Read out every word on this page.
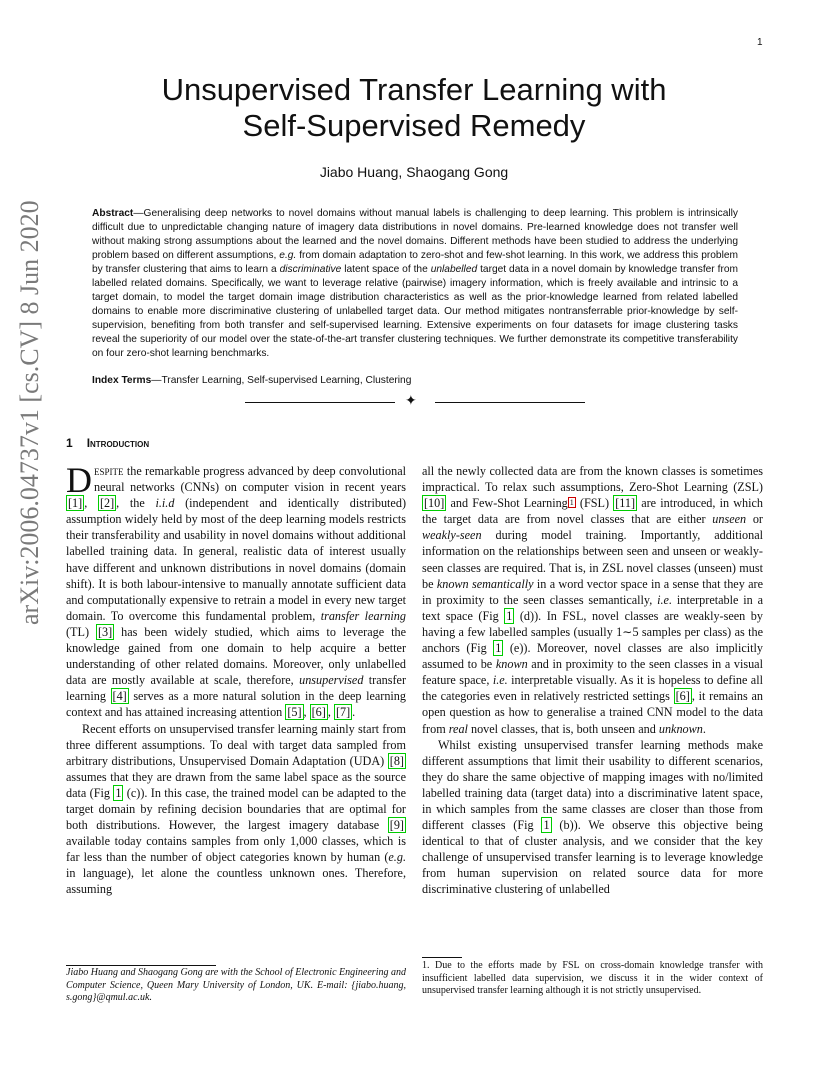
1
arXiv:2006.04737v1 [cs.CV] 8 Jun 2020
Unsupervised Transfer Learning with
Self-Supervised Remedy
Jiabo Huang, Shaogang Gong
Abstract—Generalising deep networks to novel domains without manual labels is challenging to deep learning. This problem is intrinsically difficult due to unpredictable changing nature of imagery data distributions in novel domains. Pre-learned knowledge does not transfer well without making strong assumptions about the learned and the novel domains. Different methods have been studied to address the underlying problem based on different assumptions, e.g. from domain adaptation to zero-shot and few-shot learning. In this work, we address this problem by transfer clustering that aims to learn a discriminative latent space of the unlabelled target data in a novel domain by knowledge transfer from labelled related domains. Specifically, we want to leverage relative (pairwise) imagery information, which is freely available and intrinsic to a target domain, to model the target domain image distribution characteristics as well as the prior-knowledge learned from related labelled domains to enable more discriminative clustering of unlabelled target data. Our method mitigates nontransferrable prior-knowledge by self-supervision, benefiting from both transfer and self-supervised learning. Extensive experiments on four datasets for image clustering tasks reveal the superiority of our model over the state-of-the-art transfer clustering techniques. We further demonstrate its competitive transferability on four zero-shot learning benchmarks.
Index Terms—Transfer Learning, Self-supervised Learning, Clustering
✦
1 Introduction

Despite the remarkable progress advanced by deep convolutional neural networks (CNNs) on computer vision in recent years [1] , [2] , the i.i.d (independent and identically distributed) assumption widely held by most of the deep learning models restricts their transferability and usability in novel domains without additional labelled training data. In general, realistic data of interest usually have different and unknown distributions in novel domains (domain shift). It is both labour-intensive to manually annotate sufficient data and computationally expensive to retrain a model in every new target domain. To overcome this fundamental problem, transfer learning (TL) [3] has been widely studied, which aims to leverage the knowledge gained from one domain to help acquire a better understanding of other related domains. Moreover, only unlabelled data are mostly available at scale, therefore, unsupervised transfer learning [4] serves as a more natural solution in the deep learning context and has attained increasing attention [5] , [6] , [7] .

Recent efforts on unsupervised transfer learning mainly start from three different assumptions. To deal with target data sampled from arbitrary distributions, Unsupervised Domain Adaptation (UDA) [8] assumes that they are drawn from the same label space as the source data (Fig 1 (c)). In this case, the trained model can be adapted to the target domain by refining decision boundaries that are optimal for both distributions. However, the largest imagery database [9] available today contains samples from only 1,000 classes, which is far less than the number of object categories known by human (e.g. in language), let alone the countless unknown ones. Therefore, assuming

all the newly collected data are from the known classes is sometimes impractical. To relax such assumptions, Zero-Shot Learning (ZSL) [10] and Few-Shot Learning $^1$ (FSL) [11] are introduced, in which the target data are from novel classes that are either unseen or weakly-seen during model training. Importantly, additional information on the relationships between seen and unseen or weakly-seen classes are required. That is, in ZSL novel classes (unseen) must be known semantically in a word vector space in a sense that they are in proximity to the seen classes semantically, i.e. interpretable in a text space (Fig 1 (d)). In FSL, novel classes are weakly-seen by having a few labelled samples (usually 1∼5 samples per class) as the anchors (Fig 1 (e)). Moreover, novel classes are also implicitly assumed to be known and in proximity to the seen classes in a visual feature space, i.e. interpretable visually. As it is hopeless to define all the categories even in relatively restricted settings [6] , it remains an open question as how to generalise a trained CNN model to the data from real novel classes, that is, both unseen and unknown.

Whilst existing unsupervised transfer learning methods make different assumptions that limit their usability to different scenarios, they do share the same objective of mapping images with no/limited labelled training data (target data) into a discriminative latent space, in which samples from the same classes are closer than those from different classes (Fig 1 (b)). We observe this objective being identical to that of cluster analysis, and we consider that the key challenge of unsupervised transfer learning is to leverage knowledge from human supervision on related source data for more discriminative clustering of unlabelled

Jiabo Huang and Shaogang Gong are with the School of Electronic Engineering and Computer Science, Queen Mary University of London, UK. E-mail: {jiabo.huang, s.gong}@qmul.ac.uk.
1. Due to the efforts made by FSL on cross-domain knowledge transfer with insufficient labelled data supervision, we discuss it in the wider context of unsupervised transfer learning although it is not strictly unsupervised.
